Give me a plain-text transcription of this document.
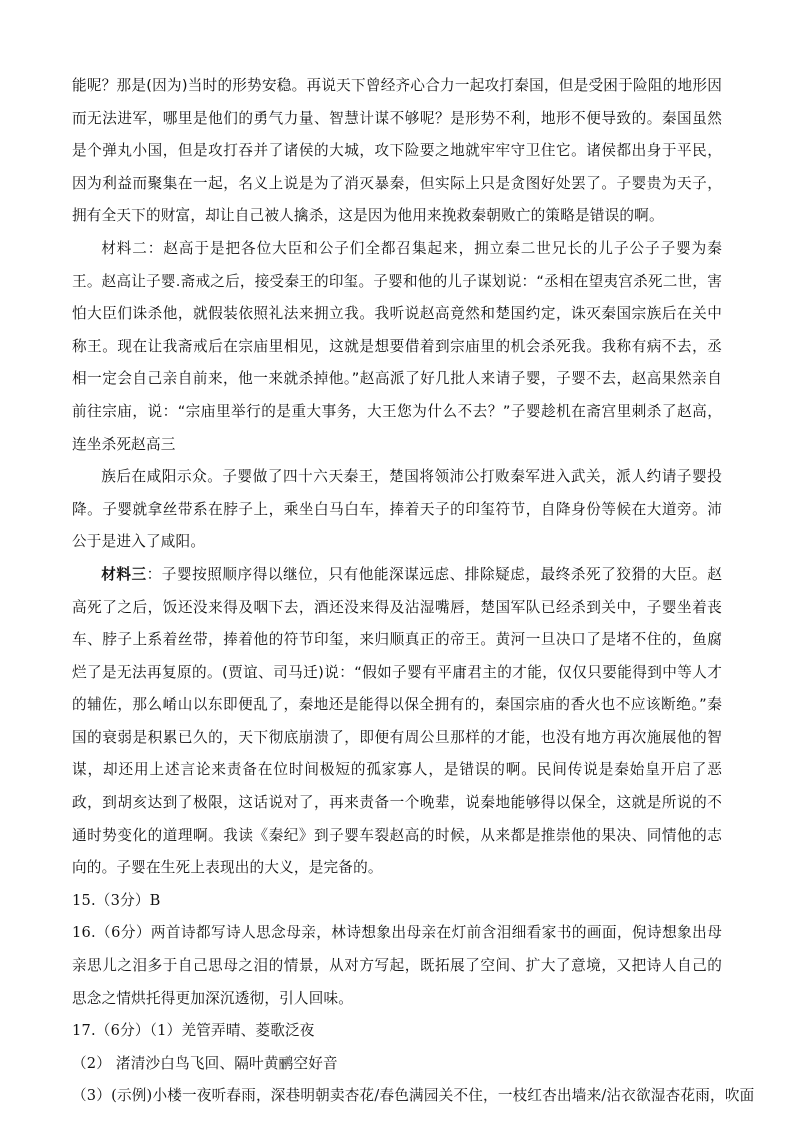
能呢？那是(因为)当时的形势安稳。再说天下曾经齐心合力一起攻打秦国，但是受困于险阻的地形因而无法进军，哪里是他们的勇气力量、智慧计谋不够呢？是形势不利，地形不便导致的。秦国虽然是个弹丸小国，但是攻打吞并了诸侯的大城，攻下险要之地就牢牢守卫住它。诸侯都出身于平民，因为利益而聚集在一起，名义上说是为了消灭暴秦，但实际上只是贪图好处罢了。子婴贵为天子，拥有全天下的财富，却让自己被人擒杀，这是因为他用来挽救秦朝败亡的策略是错误的啊。

材料二：赵高于是把各位大臣和公子们全都召集起来，拥立秦二世兄长的儿子公子子婴为秦王。赵高让子婴.斋戒之后，接受秦王的印玺。子婴和他的儿子谋划说：“丞相在望夷宫杀死二世，害怕大臣们诛杀他，就假装依照礼法来拥立我。我听说赵高竟然和楚国约定，诛灭秦国宗族后在关中称王。现在让我斋戒后在宗庙里相见，这就是想要借着到宗庙里的机会杀死我。我称有病不去，丞相一定会自己亲自前来，他一来就杀掉他。”赵高派了好几批人来请子婴，子婴不去，赵高果然亲自前往宗庙，说：“宗庙里举行的是重大事务，大王您为什么不去？”子婴趁机在斋宫里刺杀了赵高，连坐杀死赵高三

族后在咸阳示众。子婴做了四十六天秦王，楚国将领沛公打败秦军进入武关，派人约请子婴投降。子婴就拿丝带系在脖子上，乘坐白马白车，捧着天子的印玺符节，自降身份等候在大道旁。沛公于是进入了咸阳。

材料三：子婴按照顺序得以继位，只有他能深谋远虑、排除疑虑，最终杀死了狡猾的大臣。赵高死了之后，饭还没来得及咽下去，酒还没来得及沾湿嘴唇，楚国军队已经杀到关中，子婴坐着丧车、脖子上系着丝带，捧着他的符节印玺，来归顺真正的帝王。黄河一旦决口了是堵不住的，鱼腐烂了是无法再复原的。(贾谊、司马迁)说：“假如子婴有平庸君主的才能，仅仅只要能得到中等人才的辅佐，那么崤山以东即便乱了，秦地还是能得以保全拥有的，秦国宗庙的香火也不应该断绝。”秦国的衰弱是积累已久的，天下彻底崩溃了，即便有周公旦那样的才能，也没有地方再次施展他的智谋，却还用上述言论来责备在位时间极短的孤家寡人，是错误的啊。民间传说是秦始皇开启了恶政，到胡亥达到了极限，这话说对了，再来责备一个晚辈，说秦地能够得以保全，这就是所说的不通时势变化的道理啊。我读《秦纪》到子婴车裂赵高的时候，从来都是推崇他的果决、同情他的志向的。子婴在生死上表现出的大义，是完备的。

15.（3分）B

16.（6分）两首诗都写诗人思念母亲，林诗想象出母亲在灯前含泪细看家书的画面，倪诗想象出母亲思儿之泪多于自己思母之泪的情景，从对方写起，既拓展了空间、扩大了意境，又把诗人自己的思念之情烘托得更加深沉透彻，引人回味。

17.（6分）（1）羌管弄晴、菱歌泛夜

（2） 渚清沙白鸟飞回、隔叶黄鹂空好音

（3）(示例)小楼一夜听春雨，深巷明朝卖杏花/春色满园关不住，一枝红杏出墙来/沾衣欲湿杏花雨，吹面
